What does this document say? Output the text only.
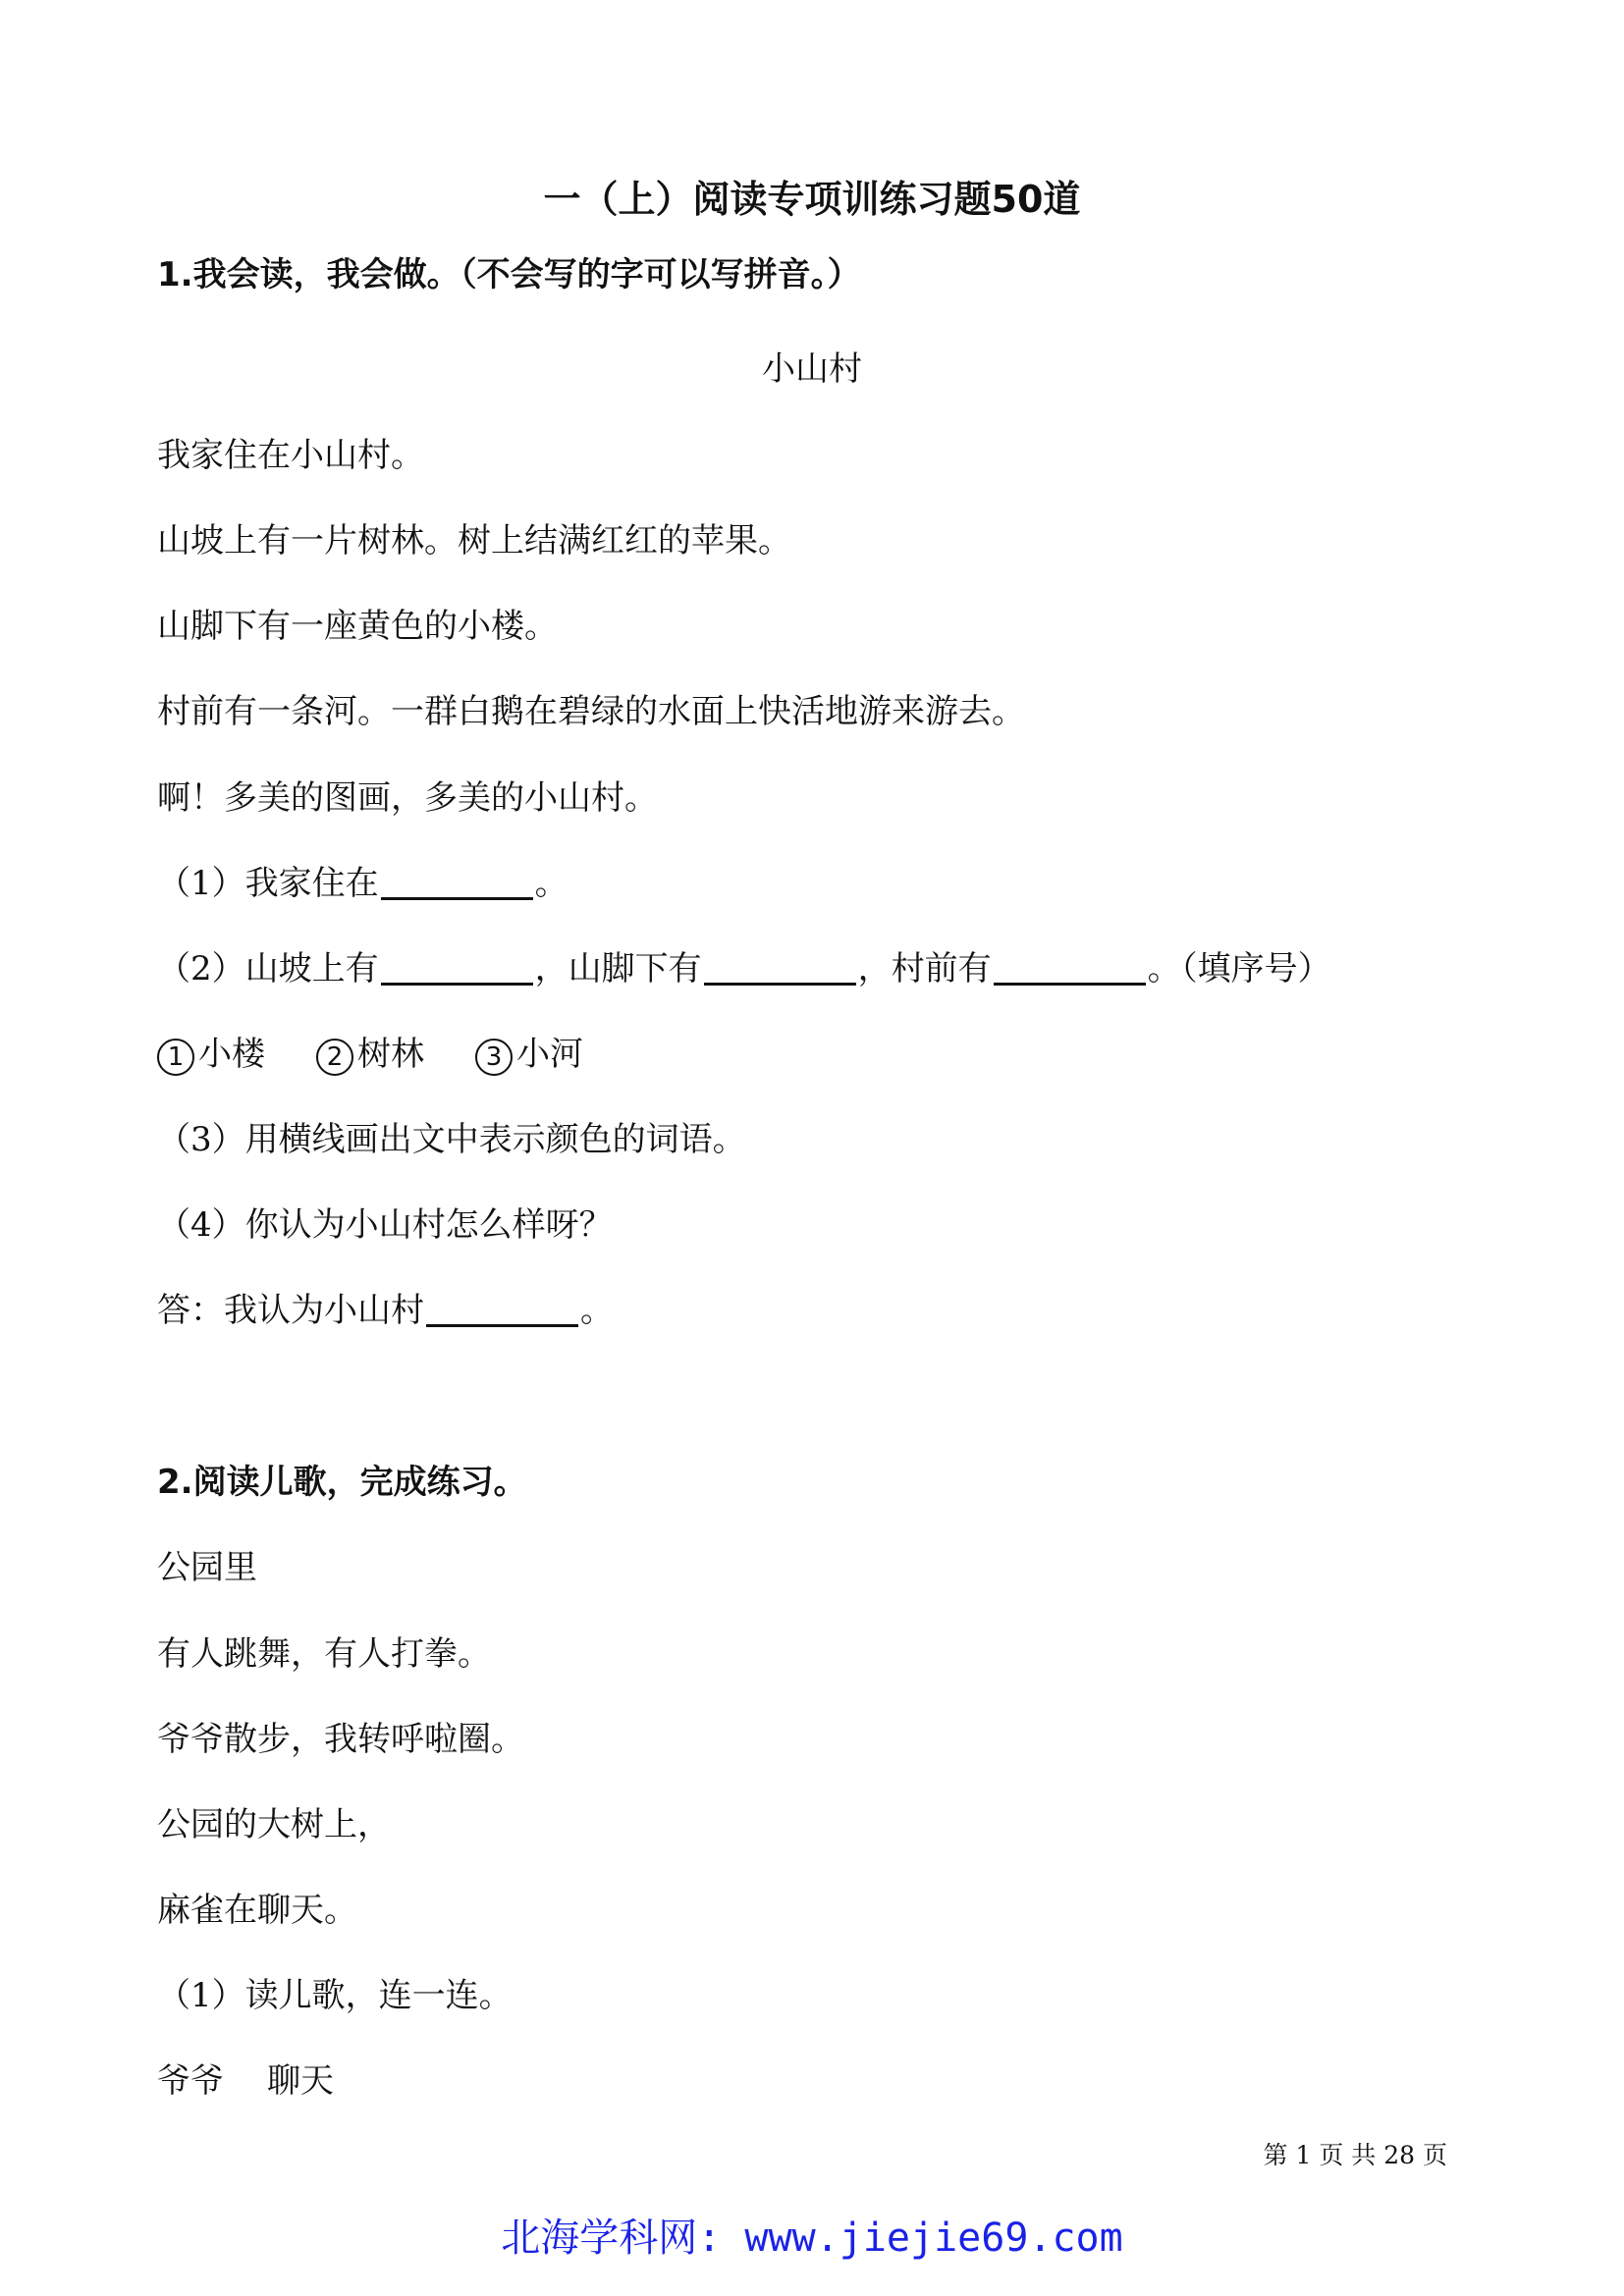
一（上）阅读专项训练习题50道
1.我会读，我会做。（不会写的字可以写拼音。）
小山村
我家住在小山村。
山坡上有一片树林。树上结满红红的苹果。
山脚下有一座黄色的小楼。
村前有一条河。一群白鹅在碧绿的水面上快活地游来游去。
啊！多美的图画，多美的小山村。
（1）我家住在	。
（2）山坡上有	，山脚下有	，村前有	。（填序号）
1 小楼 2 树林 3 小河
（3）用横线画出文中表示颜色的词语。
（4）你认为小山村怎么样呀？
答：我认为小山村	。
2.阅读儿歌，完成练习。
公园里
有人跳舞，有人打拳。
爷爷散步，我转呼啦圈。
公园的大树上，
麻雀在聊天。
（1）读儿歌，连一连。
爷爷 聊天
第 1 页 共 28 页
北海学科网: www.jiejie69.com
